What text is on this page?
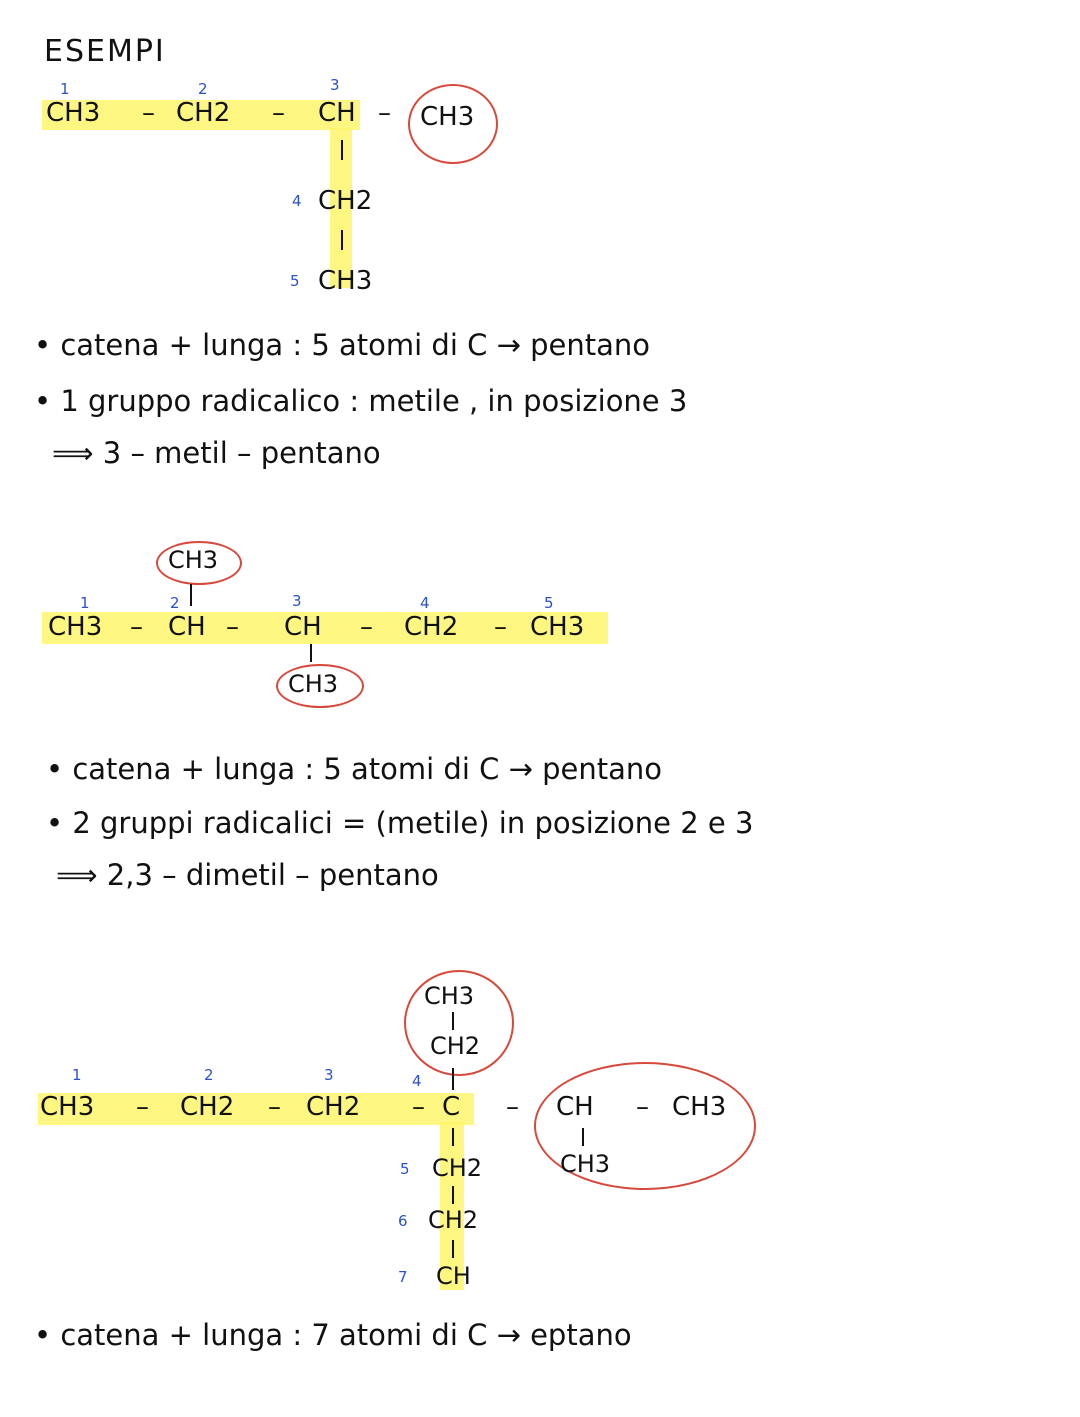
ESEMPI
1	2	3
CH3 – CH2 – CH – CH3
4 CH2
5 CH3
• catena + lunga : 5 atomi di C → pentano
• 1 gruppo radicalico : metile , in posizione 3
⟹ 3 – metil – pentano
CH3
1	2	3	4	5
CH3 – CH – CH – CH2 – CH3
CH3
• catena + lunga : 5 atomi di C → pentano
• 2 gruppi radicalici = (metile) in posizione 2 e 3
⟹ 2,3 – dimetil – pentano
CH3
CH2
1	2	3	4
CH3 – CH2 – CH2 – C – CH – CH3
CH3
5 CH2
6 CH2
7 CH
• catena + lunga : 7 atomi di C → eptano
